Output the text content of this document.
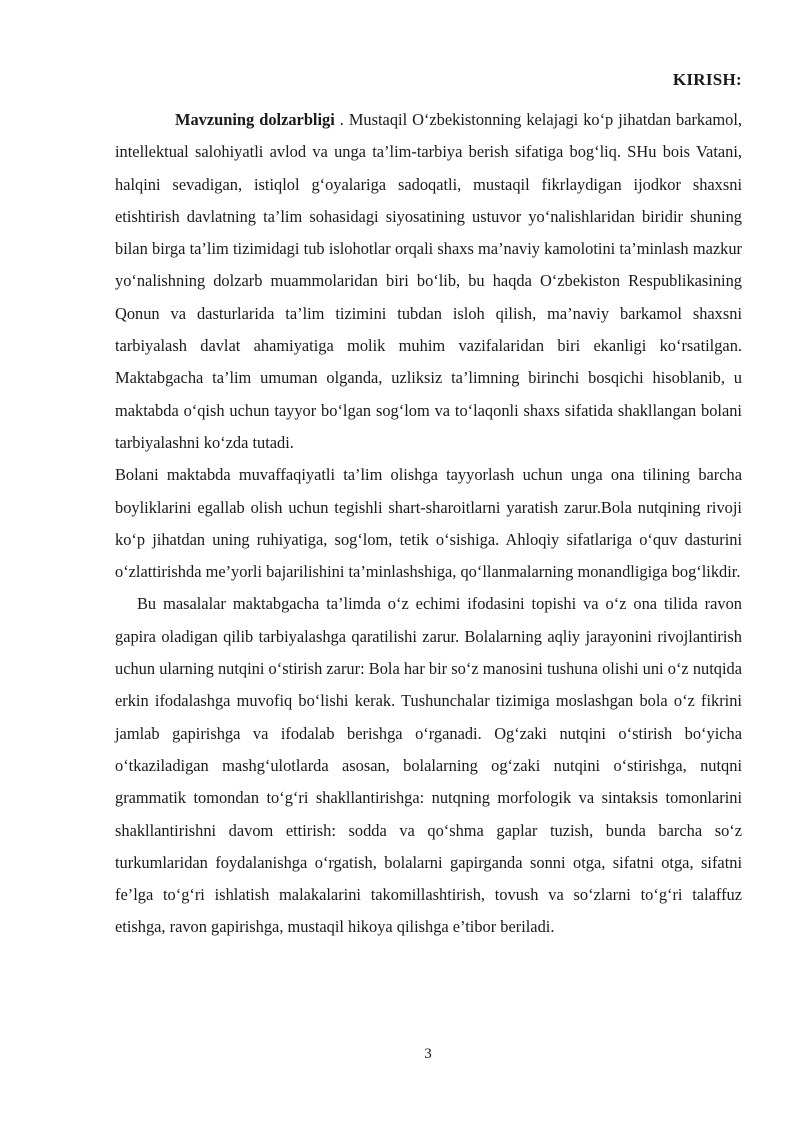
KIRISH:

Mavzuning dolzarbligi . Mustaqil O‘zbekistonning kelajagi ko‘p jihatdan barkamol, intellektual salohiyatli avlod va unga ta’lim-tarbiya berish sifatiga bog‘liq. SHu bois Vatani, halqini sevadigan, istiqlol g‘oyalariga sadoqatli, mustaqil fikrlaydigan ijodkor shaxsni etishtirish davlatning ta’lim sohasidagi siyosatining ustuvor yo‘nalishlaridan biridir shuning bilan birga ta’lim tizimidagi tub islohotlar orqali shaxs ma’naviy kamolotini ta’minlash mazkur yo‘nalishning dolzarb muammolaridan biri bo‘lib, bu haqda O‘zbekiston Respublikasining Qonun va dasturlarida ta’lim tizimini tubdan isloh qilish, ma’naviy barkamol shaxsni tarbiyalash davlat ahamiyatiga molik muhim vazifalaridan biri ekanligi ko‘rsatilgan. Maktabgacha ta’lim umuman olganda, uzliksiz ta’limning birinchi bosqichi hisoblanib, u maktabda o‘qish uchun tayyor bo‘lgan sog‘lom va to‘laqonli shaxs sifatida shakllangan bolani tarbiyalashni ko‘zda tutadi.

Bolani maktabda muvaffaqiyatli ta’lim olishga tayyorlash uchun unga ona tilining barcha boyliklarini egallab olish uchun tegishli shart-sharoitlarni yaratish zarur.Bola nutqining rivoji ko‘p jihatdan uning ruhiyatiga, sog‘lom, tetik o‘sishiga. Ahloqiy sifatlariga o‘quv dasturini o‘zlattirishda me’yorli bajarilishini ta’minlashshiga, qo‘llanmalarning monandligiga bog‘likdir.

Bu masalalar maktabgacha ta’limda o‘z echimi ifodasini topishi va o‘z ona tilida ravon gapira oladigan qilib tarbiyalashga qaratilishi zarur. Bolalarning aqliy jarayonini rivojlantirish uchun ularning nutqini o‘stirish zarur: Bola har bir so‘z manosini tushuna olishi uni o‘z nutqida erkin ifodalashga muvofiq bo‘lishi kerak. Tushunchalar tizimiga moslashgan bola o‘z fikrini jamlab gapirishga va ifodalab berishga o‘rganadi. Og‘zaki nutqini o‘stirish bo‘yicha o‘tkaziladigan mashg‘ulotlarda asosan, bolalarning og‘zaki nutqini o‘stirishga, nutqni grammatik tomondan to‘g‘ri shakllantirishga: nutqning morfologik va sintaksis tomonlarini shakllantirishni davom ettirish: sodda va qo‘shma gaplar tuzish, bunda barcha so‘z turkumlaridan foydalanishga o‘rgatish, bolalarni gapirganda sonni otga, sifatni otga, sifatni fe’lga to‘g‘ri ishlatish malakalarini takomillashtirish, tovush va so‘zlarni to‘g‘ri talaffuz etishga, ravon gapirishga, mustaqil hikoya qilishga e’tibor beriladi.

3
